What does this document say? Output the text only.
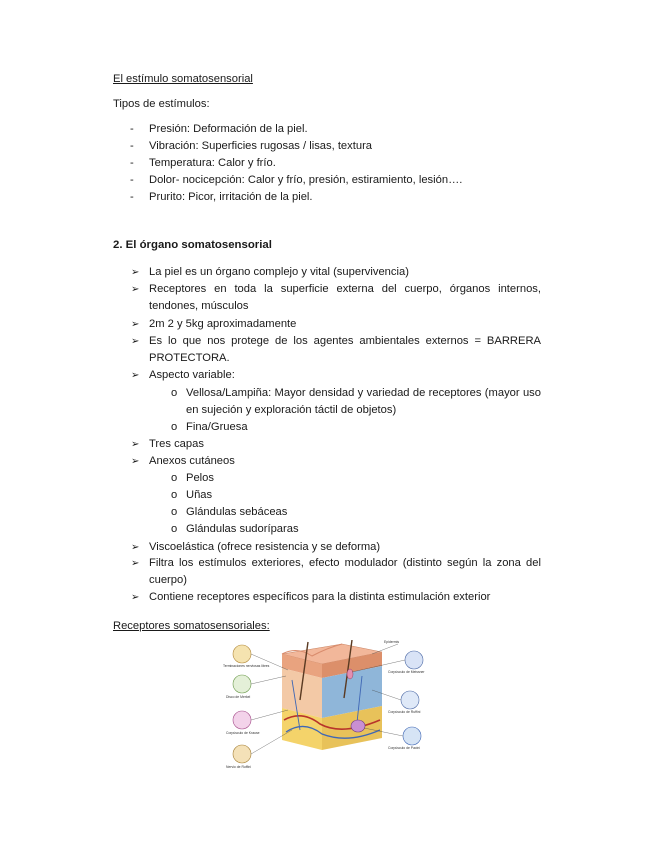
El estímulo somatosensorial
Tipos de estímulos:
-	Presión: Deformación de la piel.
-	Vibración: Superficies rugosas / lisas, textura
-	Temperatura: Calor y frío.
-	Dolor- nocicepción: Calor y frío, presión, estiramiento, lesión….
-	Prurito: Picor, irritación de la piel.
2. El órgano somatosensorial
➢ La piel es un órgano complejo y vital (supervivencia)
➢ Receptores en toda la superficie externa del cuerpo, órganos internos, tendones, músculos
➢ 2m 2 y 5kg aproximadamente
➢ Es lo que nos protege de los agentes ambientales externos = BARRERA PROTECTORA.
➢ Aspecto variable:
o Vellosa/Lampiña: Mayor densidad y variedad de receptores (mayor uso en sujeción y exploración táctil de objetos)
o Fina/Gruesa
➢ Tres capas
➢ Anexos cutáneos
o Pelos
o Uñas
o Glándulas sebáceas
o Glándulas sudoríparas
➢ Viscoelástica (ofrece resistencia y se deforma)
➢ Filtra los estímulos exteriores, efecto modulador (distinto según la zona del cuerpo)
➢ Contiene receptores específicos para la distinta estimulación exterior
Receptores somatosensoriales:
Terminaciones nerviosas libres
Disco de Merkel
Corpúsculo de Krause
Nervio de Ruffini
Epidermis
Corpúsculo de Meissner
Corpúsculo de Ruffini
Corpúsculo de Pacini
